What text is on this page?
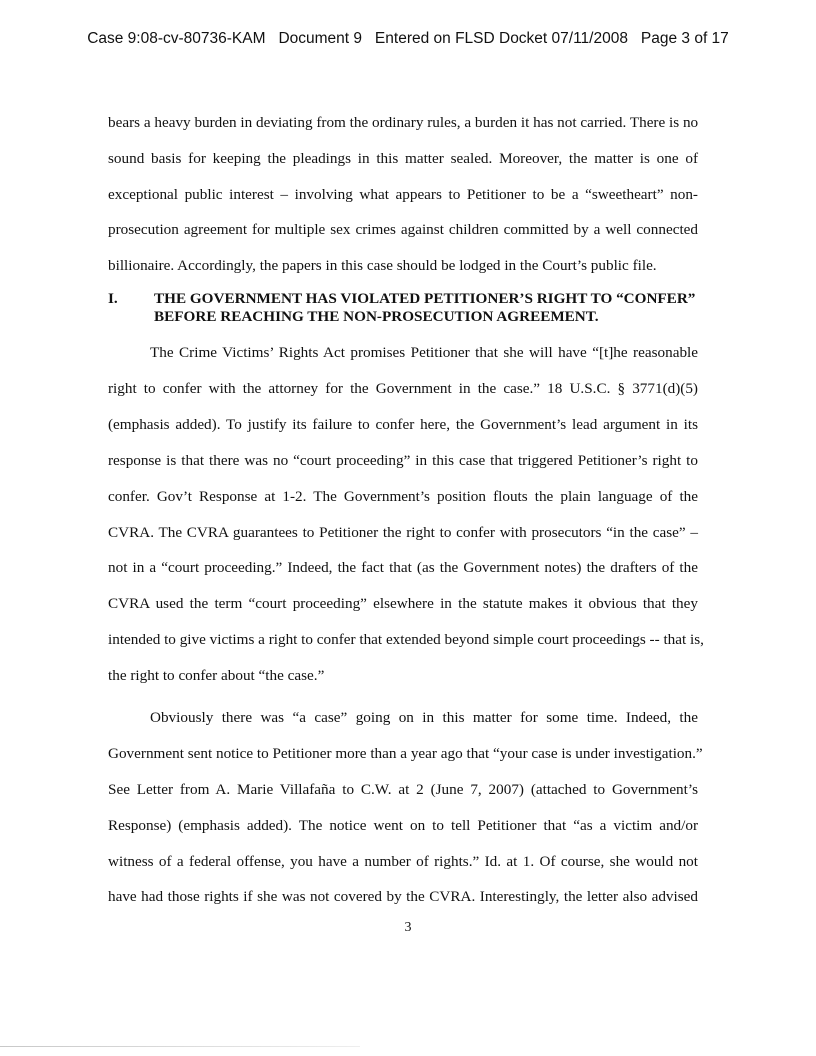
Case 9:08-cv-80736-KAM   Document 9   Entered on FLSD Docket 07/11/2008   Page 3 of 17
bears a heavy burden in deviating from the ordinary rules, a burden it has not carried. There is no
sound basis for keeping the pleadings in this matter sealed. Moreover, the matter is one of
exceptional public interest – involving what appears to Petitioner to be a “sweetheart” non-
prosecution agreement for multiple sex crimes against children committed by a well connected
billionaire. Accordingly, the papers in this case should be lodged in the Court’s public file.
I. THE GOVERNMENT HAS VIOLATED PETITIONER’S RIGHT TO “CONFER”
BEFORE REACHING THE NON-PROSECUTION AGREEMENT.
The Crime Victims’ Rights Act promises Petitioner that she will have “[t]he reasonable
right to confer with the attorney for the Government in the case.” 18 U.S.C. § 3771(d)(5)
(emphasis added). To justify its failure to confer here, the Government’s lead argument in its
response is that there was no “court proceeding” in this case that triggered Petitioner’s right to
confer. Gov’t Response at 1-2. The Government’s position flouts the plain language of the
CVRA. The CVRA guarantees to Petitioner the right to confer with prosecutors “in the case” –
not in a “court proceeding.” Indeed, the fact that (as the Government notes) the drafters of the
CVRA used the term “court proceeding” elsewhere in the statute makes it obvious that they
intended to give victims a right to confer that extended beyond simple court proceedings -- that is,
the right to confer about “the case.”
Obviously there was “a case” going on in this matter for some time. Indeed, the
Government sent notice to Petitioner more than a year ago that “your case is under investigation.”
See Letter from A. Marie Villafaña to C.W. at 2 (June 7, 2007) (attached to Government’s
Response) (emphasis added). The notice went on to tell Petitioner that “as a victim and/or
witness of a federal offense, you have a number of rights.” Id. at 1. Of course, she would not
have had those rights if she was not covered by the CVRA. Interestingly, the letter also advised
3
